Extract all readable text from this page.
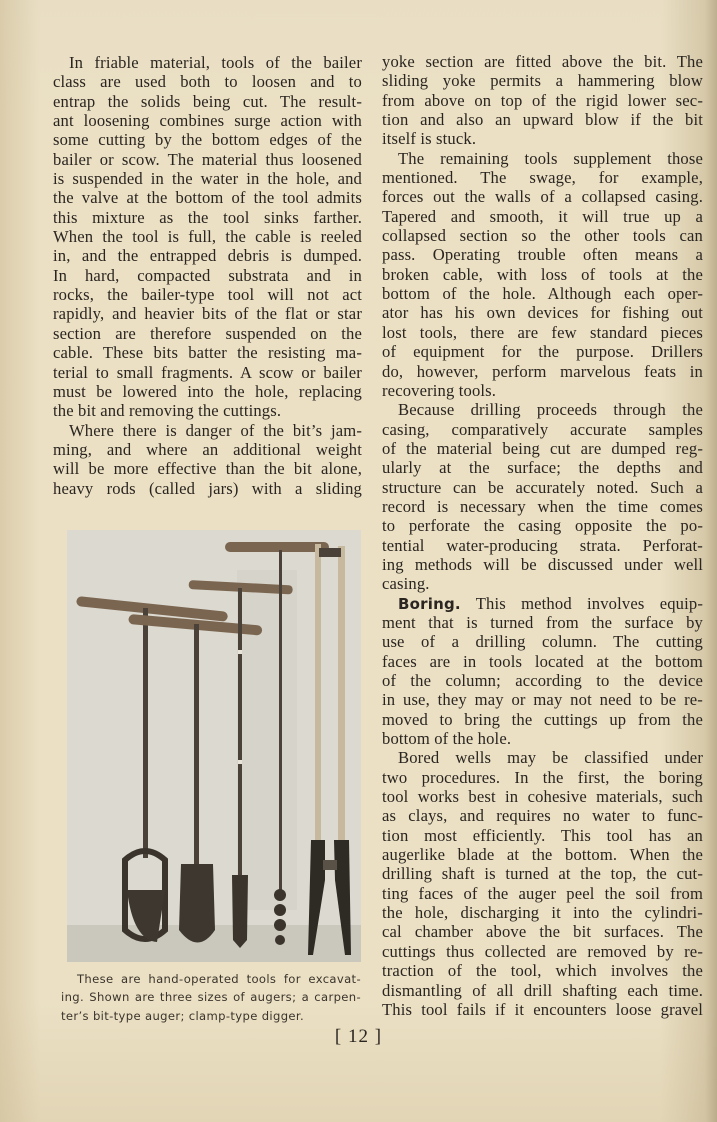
In friable material, tools of the bailer
class are used both to loosen and to
entrap the solids being cut. The result-
ant loosening combines surge action with
some cutting by the bottom edges of the
bailer or scow. The material thus loosened
is suspended in the water in the hole, and
the valve at the bottom of the tool admits
this mixture as the tool sinks farther.
When the tool is full, the cable is reeled
in, and the entrapped debris is dumped.
In hard, compacted substrata and in
rocks, the bailer-type tool will not act
rapidly, and heavier bits of the flat or star
section are therefore suspended on the
cable. These bits batter the resisting ma-
terial to small fragments. A scow or bailer
must be lowered into the hole, replacing
the bit and removing the cuttings.
Where there is danger of the bit’s jam-
ming, and where an additional weight
will be more effective than the bit alone,
heavy rods (called jars) with a sliding
These are hand-operated tools for excavat-
ing. Shown are three sizes of augers; a carpen-
ter’s bit-type auger; clamp-type digger.
yoke section are fitted above the bit. The
sliding yoke permits a hammering blow
from above on top of the rigid lower sec-
tion and also an upward blow if the bit
itself is stuck.
The remaining tools supplement those
mentioned. The swage, for example,
forces out the walls of a collapsed casing.
Tapered and smooth, it will true up a
collapsed section so the other tools can
pass. Operating trouble often means a
broken cable, with loss of tools at the
bottom of the hole. Although each oper-
ator has his own devices for fishing out
lost tools, there are few standard pieces
of equipment for the purpose. Drillers
do, however, perform marvelous feats in
recovering tools.
Because drilling proceeds through the
casing, comparatively accurate samples
of the material being cut are dumped reg-
ularly at the surface; the depths and
structure can be accurately noted. Such a
record is necessary when the time comes
to perforate the casing opposite the po-
tential water-producing strata. Perforat-
ing methods will be discussed under well
casing.
Boring. This method involves equip-
ment that is turned from the surface by
use of a drilling column. The cutting
faces are in tools located at the bottom
of the column; according to the device
in use, they may or may not need to be re-
moved to bring the cuttings up from the
bottom of the hole.
Bored wells may be classified under
two procedures. In the first, the boring
tool works best in cohesive materials, such
as clays, and requires no water to func-
tion most efficiently. This tool has an
augerlike blade at the bottom. When the
drilling shaft is turned at the top, the cut-
ting faces of the auger peel the soil from
the hole, discharging it into the cylindri-
cal chamber above the bit surfaces. The
cuttings thus collected are removed by re-
traction of the tool, which involves the
dismantling of all drill shafting each time.
This tool fails if it encounters loose gravel
[ 12 ]
